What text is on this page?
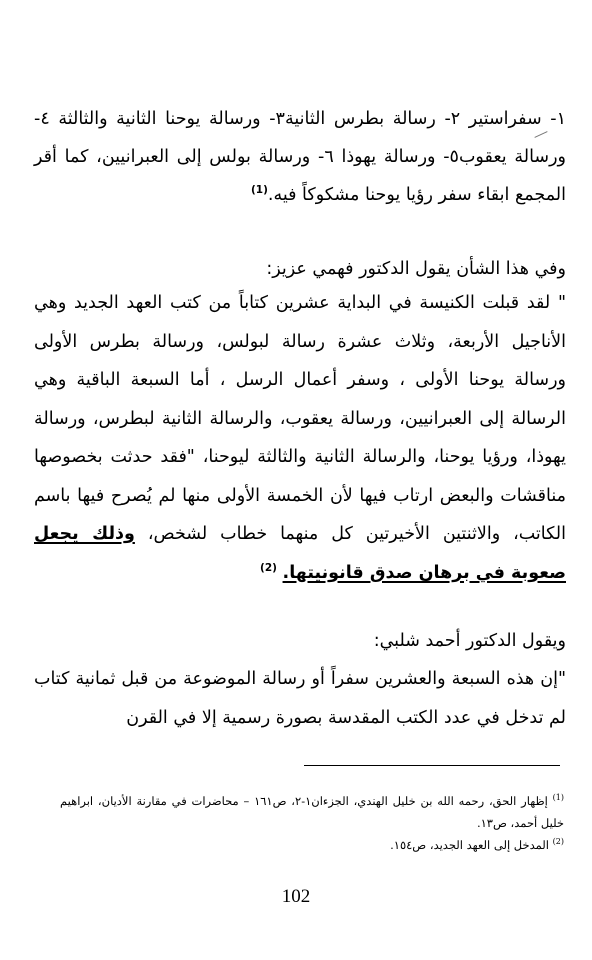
١- سفراستير ٢- رسالة بطرس الثانية٣- ورسالة يوحنا الثانية والثالثة ٤-ورسالة يعقوب٥- ورسالة يهوذا ٦- ورسالة بولس إلى العبرانيين، كما أقر المجمع ابقاء سفر رؤيا يوحنا مشكوكاً فيه.$^{(1)}$

وفي هذا الشأن يقول الدكتور فهمي عزيز:

" لقد قبلت الكنيسة في البداية عشرين كتاباً من كتب العهد الجديد وهي الأناجيل الأربعة، وثلاث عشرة رسالة لبولس، ورسالة بطرس الأولى ورسالة يوحنا الأولى ، وسفر أعمال الرسل ، أما السبعة الباقية وهي الرسالة إلى العبرانيين، ورسالة يعقوب، والرسالة الثانية لبطرس، ورسالة يهوذا، ورؤيا يوحنا، والرسالة الثانية والثالثة ليوحنا، "فقد حدثت بخصوصها مناقشات والبعض ارتاب فيها لأن الخمسة الأولى منها لم يُصرح فيها باسم الكاتب، والاثنتين الأخيرتين كل منهما خطاب لشخص، وذلك يجعل صعوبة في برهان صدق قانونيتها. $^{(2)}$

ويقول الدكتور أحمد شلبي:

"إن هذه السبعة والعشرين سفراً أو رسالة الموضوعة من قبل ثمانية كتاب لم تدخل في عدد الكتب المقدسة بصورة رسمية إلا في القرن

$^{(1)}$ إظهار الحق، رحمه الله بن خليل الهندي، الجزءان١-٢، ص١٦١ – محاضرات في مقارنة الأديان، ابراهيم خليل أحمد، ص١٣.
$^{(2)}$ المدخل إلى العهد الجديد، ص١٥٤.
102
